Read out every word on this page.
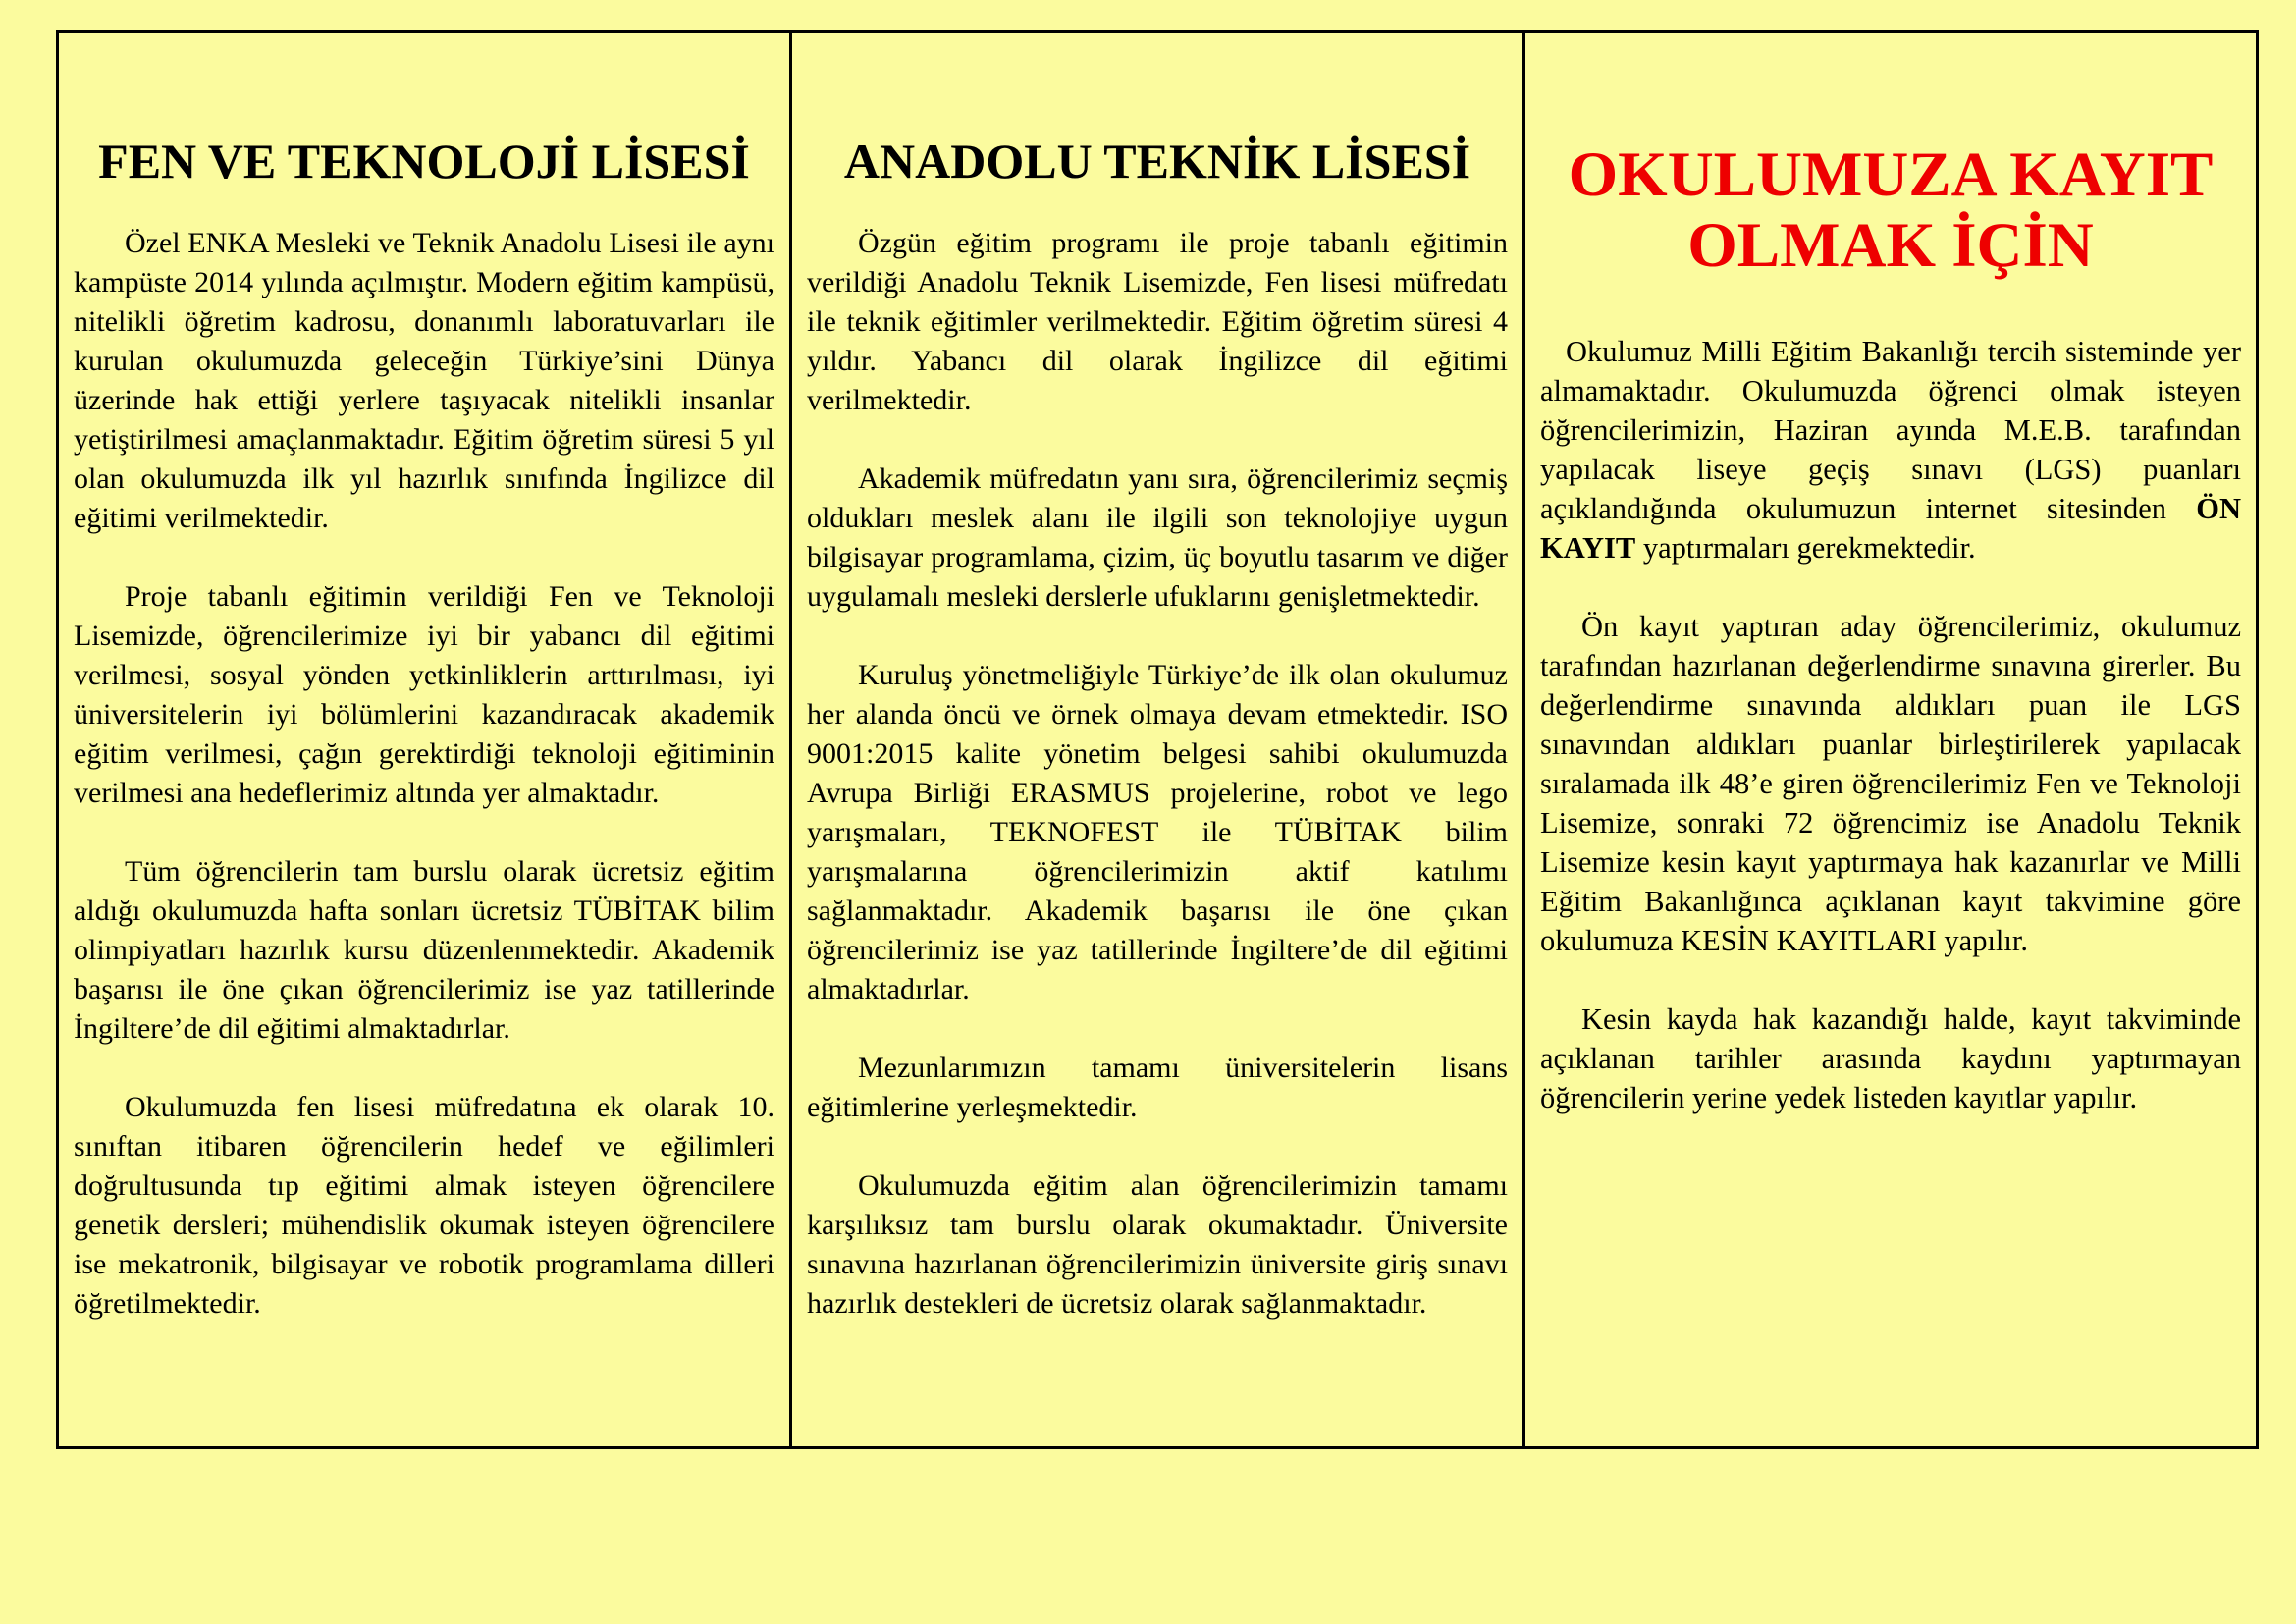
FEN VE TEKNOLOJİ LİSESİ

Özel ENKA Mesleki ve Teknik Anadolu Lisesi ile aynı kampüste 2014 yılında açılmıştır. Modern eğitim kampüsü, nitelikli öğretim kadrosu, donanımlı laboratuvarları ile kurulan okulumuzda geleceğin Türkiye’sini Dünya üzerinde hak ettiği yerlere taşıyacak nitelikli insanlar yetiştirilmesi amaçlanmaktadır. Eğitim öğretim süresi 5 yıl olan okulumuzda ilk yıl hazırlık sınıfında İngilizce dil eğitimi verilmektedir.

Proje tabanlı eğitimin verildiği Fen ve Teknoloji Lisemizde, öğrencilerimize iyi bir yabancı dil eğitimi verilmesi, sosyal yönden yetkinliklerin arttırılması, iyi üniversitelerin iyi bölümlerini kazandıracak akademik eğitim verilmesi, çağın gerektirdiği teknoloji eğitiminin verilmesi ana hedeflerimiz altında yer almaktadır.

Tüm öğrencilerin tam burslu olarak ücretsiz eğitim aldığı okulumuzda hafta sonları ücretsiz TÜBİTAK bilim olimpiyatları hazırlık kursu düzenlenmektedir. Akademik başarısı ile öne çıkan öğrencilerimiz ise yaz tatillerinde İngiltere’de dil eğitimi almaktadırlar.

Okulumuzda fen lisesi müfredatına ek olarak 10. sınıftan itibaren öğrencilerin hedef ve eğilimleri doğrultusunda tıp eğitimi almak isteyen öğrencilere genetik dersleri; mühendislik okumak isteyen öğrencilere ise mekatronik, bilgisayar ve robotik programlama dilleri öğretilmektedir.

ANADOLU TEKNİK LİSESİ

Özgün eğitim programı ile proje tabanlı eğitimin verildiği Anadolu Teknik Lisemizde, Fen lisesi müfredatı ile teknik eğitimler verilmektedir. Eğitim öğretim süresi 4 yıldır. Yabancı dil olarak İngilizce dil eğitimi verilmektedir.

Akademik müfredatın yanı sıra, öğrencilerimiz seçmiş oldukları meslek alanı ile ilgili son teknolojiye uygun bilgisayar programlama, çizim, üç boyutlu tasarım ve diğer uygulamalı mesleki derslerle ufuklarını genişletmektedir.

Kuruluş yönetmeliğiyle Türkiye’de ilk olan okulumuz her alanda öncü ve örnek olmaya devam etmektedir. ISO 9001:2015 kalite yönetim belgesi sahibi okulumuzda Avrupa Birliği ERASMUS projelerine, robot ve lego yarışmaları, TEKNOFEST ile TÜBİTAK bilim yarışmalarına öğrencilerimizin aktif katılımı sağlanmaktadır. Akademik başarısı ile öne çıkan öğrencilerimiz ise yaz tatillerinde İngiltere’de dil eğitimi almaktadırlar.

Mezunlarımızın tamamı üniversitelerin lisans eğitimlerine yerleşmektedir.

Okulumuzda eğitim alan öğrencilerimizin tamamı karşılıksız tam burslu olarak okumaktadır. Üniversite sınavına hazırlanan öğrencilerimizin üniversite giriş sınavı hazırlık destekleri de ücretsiz olarak sağlanmaktadır.

OKULUMUZA KAYIT OLMAK İÇİN

Okulumuz Milli Eğitim Bakanlığı tercih sisteminde yer almamaktadır. Okulumuzda öğrenci olmak isteyen öğrencilerimizin, Haziran ayında M.E.B. tarafından yapılacak liseye geçiş sınavı (LGS) puanları açıklandığında okulumuzun internet sitesinden ÖN KAYIT yaptırmaları gerekmektedir.

Ön kayıt yaptıran aday öğrencilerimiz, okulumuz tarafından hazırlanan değerlendirme sınavına girerler. Bu değerlendirme sınavında aldıkları puan ile LGS sınavından aldıkları puanlar birleştirilerek yapılacak sıralamada ilk 48’e giren öğrencilerimiz Fen ve Teknoloji Lisemize, sonraki 72 öğrencimiz ise Anadolu Teknik Lisemize kesin kayıt yaptırmaya hak kazanırlar ve Milli Eğitim Bakanlığınca açıklanan kayıt takvimine göre okulumuza KESİN KAYITLARI yapılır.

Kesin kayda hak kazandığı halde, kayıt takviminde açıklanan tarihler arasında kaydını yaptırmayan öğrencilerin yerine yedek listeden kayıtlar yapılır.
